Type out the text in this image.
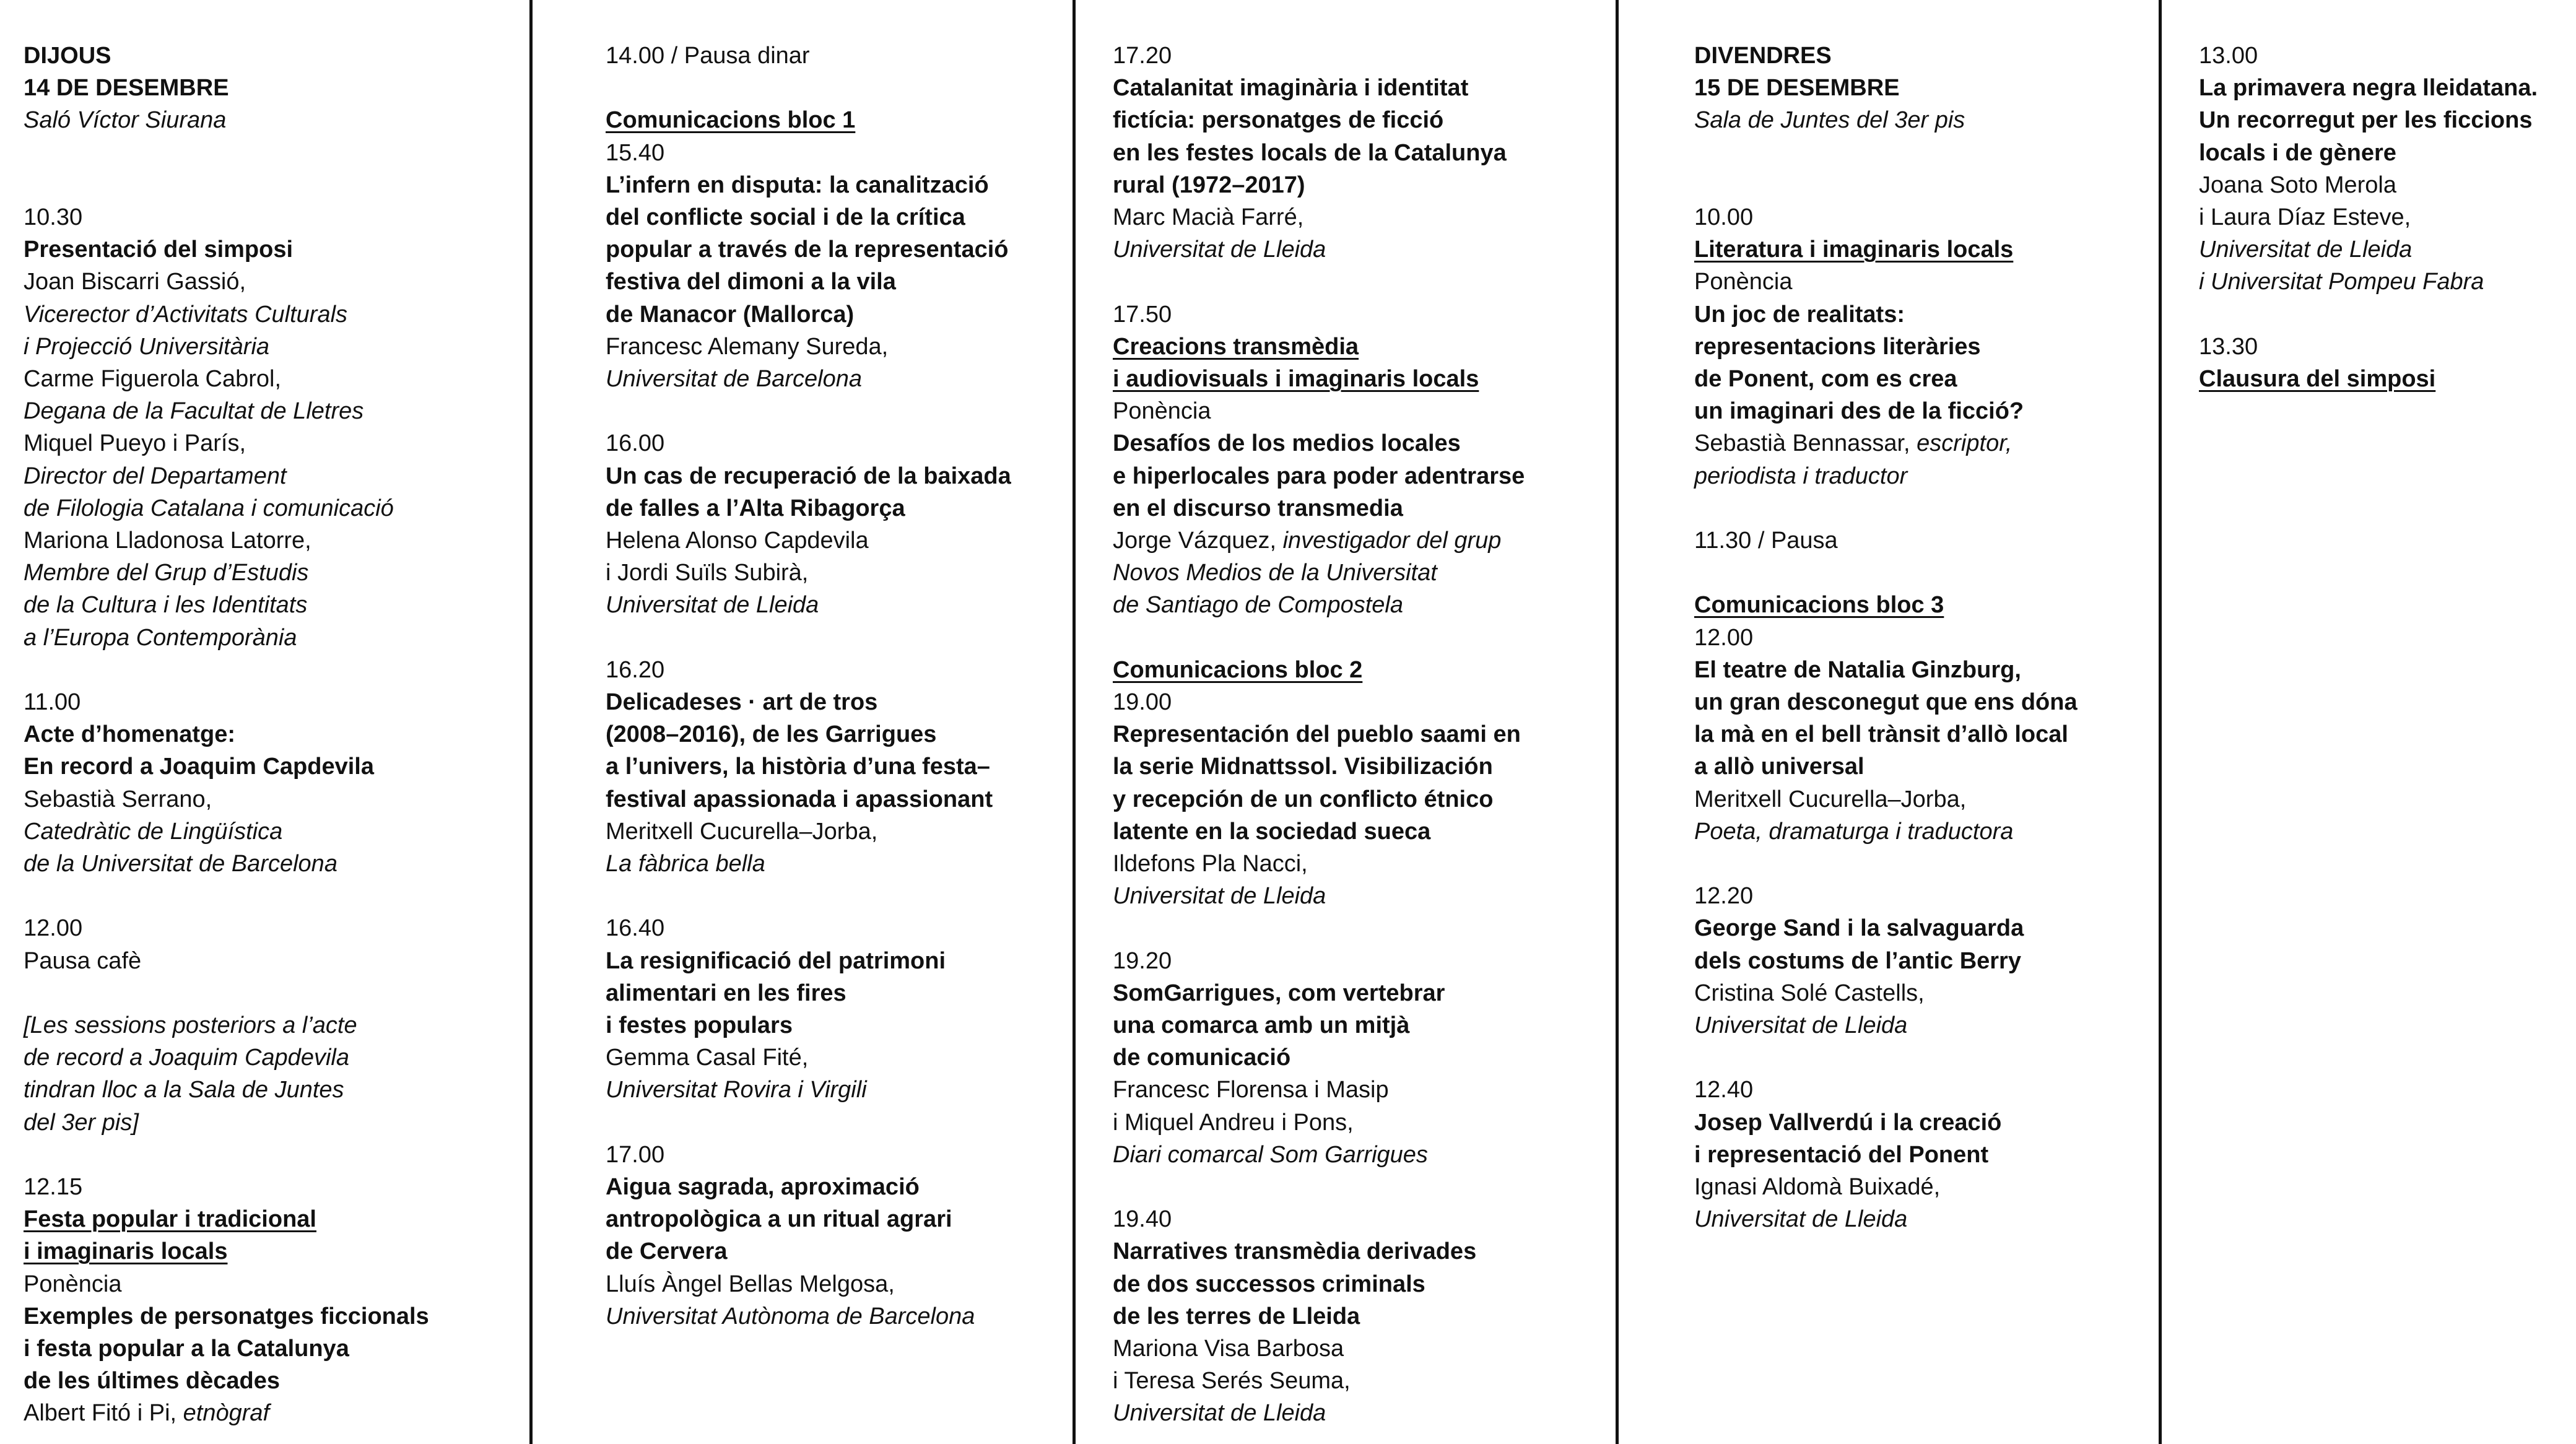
DIJOUS
14 DE DESEMBRE
Saló Víctor Siurana
10.30
Presentació del simposi
Joan Biscarri Gassió,
Vicerector d’Activitats Culturals
i Projecció Universitària
Carme Figuerola Cabrol,
Degana de la Facultat de Lletres
Miquel Pueyo i París,
Director del Departament
de Filologia Catalana i comunicació
Mariona Lladonosa Latorre,
Membre del Grup d’Estudis
de la Cultura i les Identitats
a l’Europa Contemporània
11.00
Acte d’homenatge:
En record a Joaquim Capdevila
Sebastià Serrano,
Catedràtic de Lingüística
de la Universitat de Barcelona
12.00
Pausa cafè
[Les sessions posteriors a l’acte
de record a Joaquim Capdevila
tindran lloc a la Sala de Juntes
del 3er pis]
12.15
Festa popular i tradicional
i imaginaris locals
Ponència
Exemples de personatges ficcionals
i festa popular a la Catalunya
de les últimes dècades
Albert Fitó i Pi, etnògraf
14.00 / Pausa dinar
Comunicacions bloc 1
15.40
L’infern en disputa: la canalització
del conflicte social i de la crítica
popular a través de la representació
festiva del dimoni a la vila
de Manacor (Mallorca)
Francesc Alemany Sureda,
Universitat de Barcelona
16.00
Un cas de recuperació de la baixada
de falles a l’Alta Ribagorça
Helena Alonso Capdevila
i Jordi Suïls Subirà,
Universitat de Lleida
16.20
Delicadeses · art de tros
(2008–2016), de les Garrigues
a l’univers, la història d’una festa–
festival apassionada i apassionant
Meritxell Cucurella–Jorba,
La fàbrica bella
16.40
La resignificació del patrimoni
alimentari en les fires
i festes populars
Gemma Casal Fité,
Universitat Rovira i Virgili
17.00
Aigua sagrada, aproximació
antropològica a un ritual agrari
de Cervera
Lluís Àngel Bellas Melgosa,
Universitat Autònoma de Barcelona
17.20
Catalanitat imaginària i identitat
fictícia: personatges de ficció
en les festes locals de la Catalunya
rural (1972–2017)
Marc Macià Farré,
Universitat de Lleida
17.50
Creacions transmèdia
i audiovisuals i imaginaris locals
Ponència
Desafíos de los medios locales
e hiperlocales para poder adentrarse
en el discurso transmedia
Jorge Vázquez, investigador del grup
Novos Medios de la Universitat
de Santiago de Compostela
Comunicacions bloc 2
19.00
Representación del pueblo saami en
la serie Midnattssol. Visibilización
y recepción de un conflicto étnico
latente en la sociedad sueca
Ildefons Pla Nacci,
Universitat de Lleida
19.20
SomGarrigues, com vertebrar
una comarca amb un mitjà
de comunicació
Francesc Florensa i Masip
i Miquel Andreu i Pons,
Diari comarcal Som Garrigues
19.40
Narratives transmèdia derivades
de dos successos criminals
de les terres de Lleida
Mariona Visa Barbosa
i Teresa Serés Seuma,
Universitat de Lleida
DIVENDRES
15 DE DESEMBRE
Sala de Juntes del 3er pis
10.00
Literatura i imaginaris locals
Ponència
Un joc de realitats:
representacions literàries
de Ponent, com es crea
un imaginari des de la ficció?
Sebastià Bennassar, escriptor,
periodista i traductor
11.30 / Pausa
Comunicacions bloc 3
12.00
El teatre de Natalia Ginzburg,
un gran desconegut que ens dóna
la mà en el bell trànsit d’allò local
a allò universal
Meritxell Cucurella–Jorba,
Poeta, dramaturga i traductora
12.20
George Sand i la salvaguarda
dels costums de l’antic Berry
Cristina Solé Castells,
Universitat de Lleida
12.40
Josep Vallverdú i la creació
i representació del Ponent
Ignasi Aldomà Buixadé,
Universitat de Lleida
13.00
La primavera negra lleidatana.
Un recorregut per les ficcions
locals i de gènere
Joana Soto Merola
i Laura Díaz Esteve,
Universitat de Lleida
i Universitat Pompeu Fabra
13.30
Clausura del simposi
